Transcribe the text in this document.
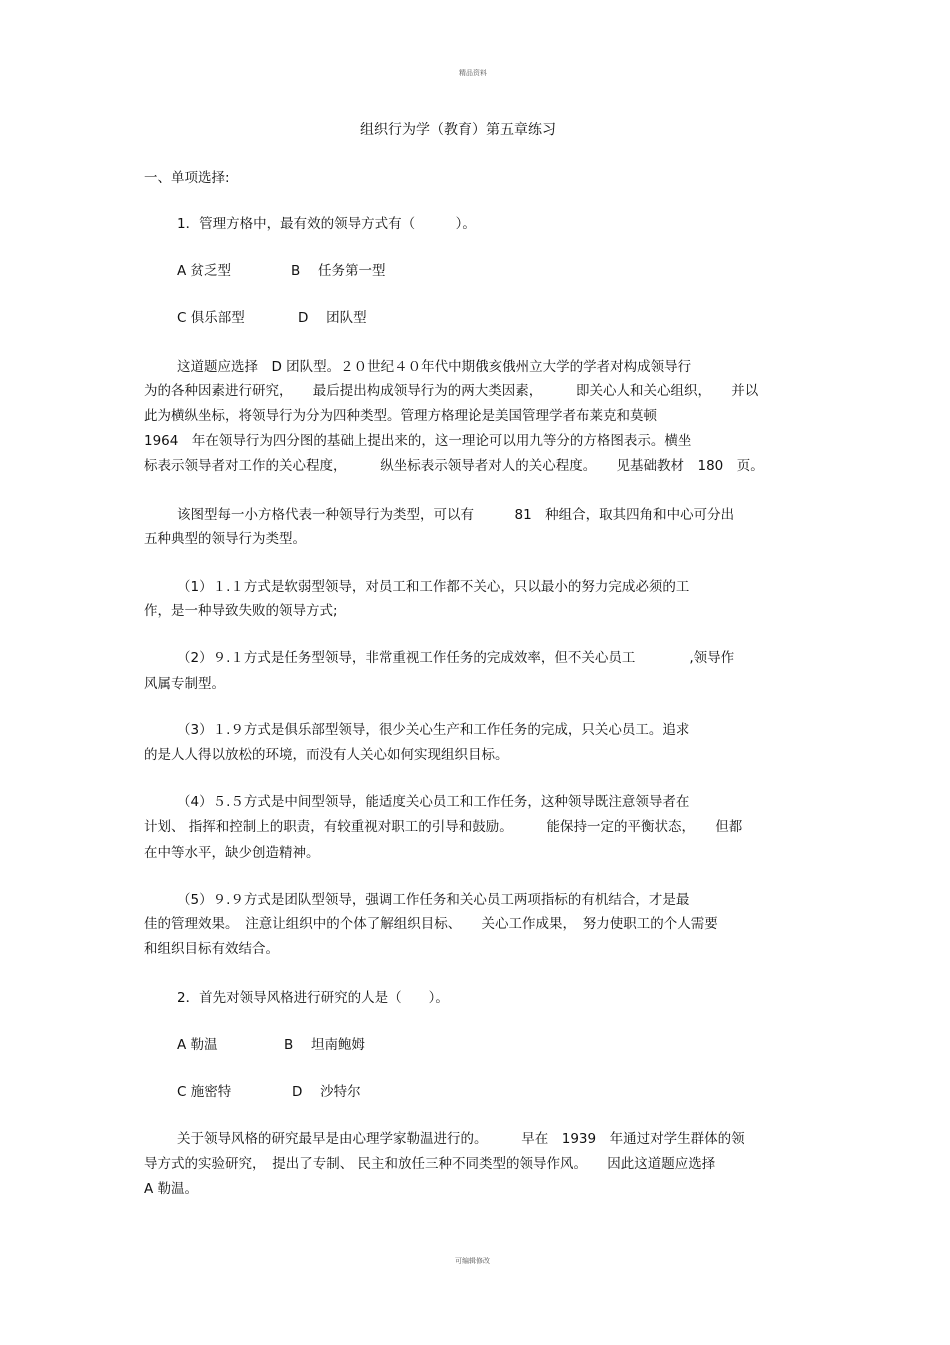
精品资料
组织行为学（教育）第五章练习
一、单项选择:
1．管理方格中，最有效的领导方式有（　　　）。
A 贫乏型	B　 任务第一型
C 俱乐部型	D　 团队型
这道题应选择　D 团队型。２０世纪４０年代中期俄亥俄州立大学的学者对构成领导行
为的各种因素进行研究，　　最后提出构成领导行为的两大类因素，　　　即关心人和关心组织，　　并以
此为横纵坐标，将领导行为分为四种类型。管理方格理论是美国管理学者布莱克和莫顿
1964　年在领导行为四分图的基础上提出来的，这一理论可以用九等分的方格图表示。横坐
标表示领导者对工作的关心程度，　　　纵坐标表示领导者对人的关心程度。　　见基础教材　180　页。
该图型每一小方格代表一种领导行为类型，可以有　　　81　种组合，取其四角和中心可分出
五种典型的领导行为类型。
（1）１.１方式是软弱型领导，对员工和工作都不关心，只以最小的努力完成必须的工
作，是一种导致失败的领导方式;
（2）９.１方式是任务型领导，非常重视工作任务的完成效率，但不关心员工　　　　,领导作
风属专制型。
（3）１.９方式是俱乐部型领导，很少关心生产和工作任务的完成，只关心员工。追求
的是人人得以放松的环境，而没有人关心如何实现组织目标。
（4）５.５方式是中间型领导，能适度关心员工和工作任务，这种领导既注意领导者在
计划、 指挥和控制上的职责，有较重视对职工的引导和鼓励。　　　能保持一定的平衡状态，　　但都
在中等水平，缺少创造精神。
（5）９.９方式是团队型领导，强调工作任务和关心员工两项指标的有机结合，才是最
佳的管理效果。　注意让组织中的个体了解组织目标、　　关心工作成果，　努力使职工的个人需要
和组织目标有效结合。
2．首先对领导风格进行研究的人是（　　）。
A 勒温	B　 坦南鲍姆
C 施密特	D　 沙特尔
关于领导风格的研究最早是由心理学家勒温进行的。　　　早在　1939　年通过对学生群体的领
导方式的实验研究，　提出了专制、 民主和放任三种不同类型的领导作风。　　因此这道题应选择
A 勒温。
可编辑修改
